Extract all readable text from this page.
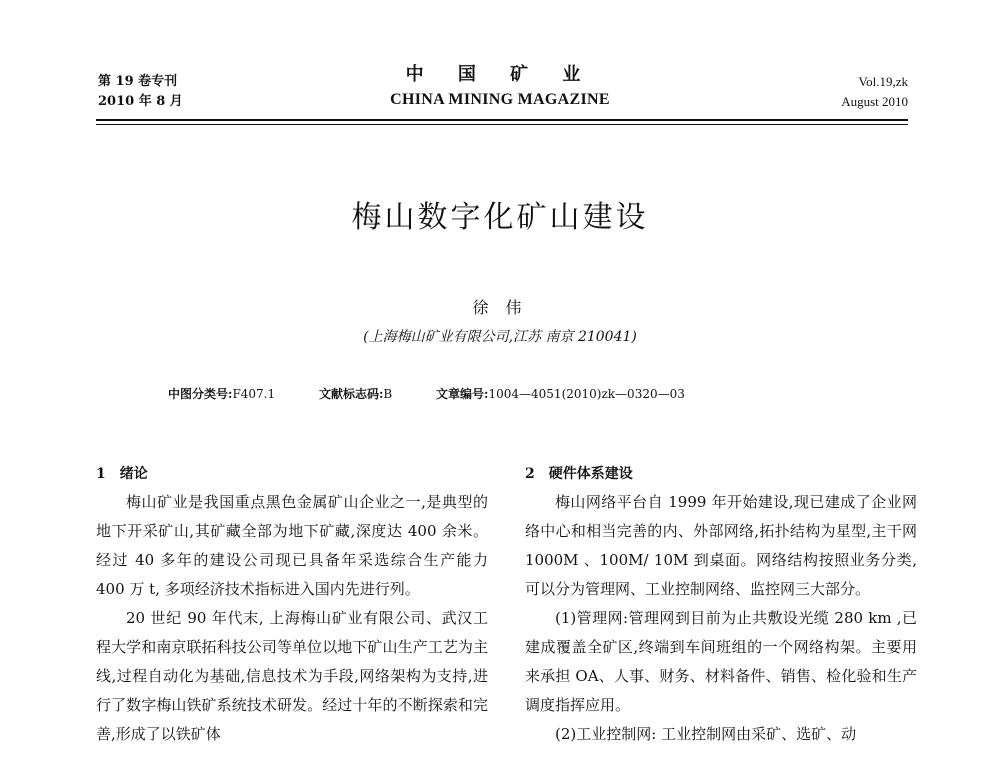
第 19 卷专刊
2010 年 8 月
中 国 矿 业
CHINA MINING MAGAZINE
Vol.19,zk
August 2010
梅山数字化矿山建设
徐 伟
(上海梅山矿业有限公司,江苏 南京 210041)
中图分类号:F407.1	文献标志码:B	文章编号:1004—4051(2010)zk—0320—03
1 绪论

梅山矿业是我国重点黑色金属矿山企业之一,是典型的地下开采矿山,其矿藏全部为地下矿藏,深度达 400 余米。经过 40 多年的建设公司现已具备年采选综合生产能力 400 万 t, 多项经济技术指标进入国内先进行列。

20 世纪 90 年代末, 上海梅山矿业有限公司、武汉工程大学和南京联拓科技公司等单位以地下矿山生产工艺为主线,过程自动化为基础,信息技术为手段,网络架构为支持,进行了数字梅山铁矿系统技术研发。经过十年的不断探索和完善,形成了以铁矿体

2 硬件体系建设

梅山网络平台自 1999 年开始建设,现已建成了企业网络中心和相当完善的内、外部网络,拓扑结构为星型,主干网 1000M 、100M/ 10M 到桌面。网络结构按照业务分类,可以分为管理网、工业控制网络、监控网三大部分。

(1)管理网:管理网到目前为止共敷设光缆 280 km ,已建成覆盖全矿区,终端到车间班组的一个网络构架。主要用来承担 OA、人事、财务、材料备件、销售、检化验和生产调度指挥应用。

(2)工业控制网: 工业控制网由采矿、选矿、动
